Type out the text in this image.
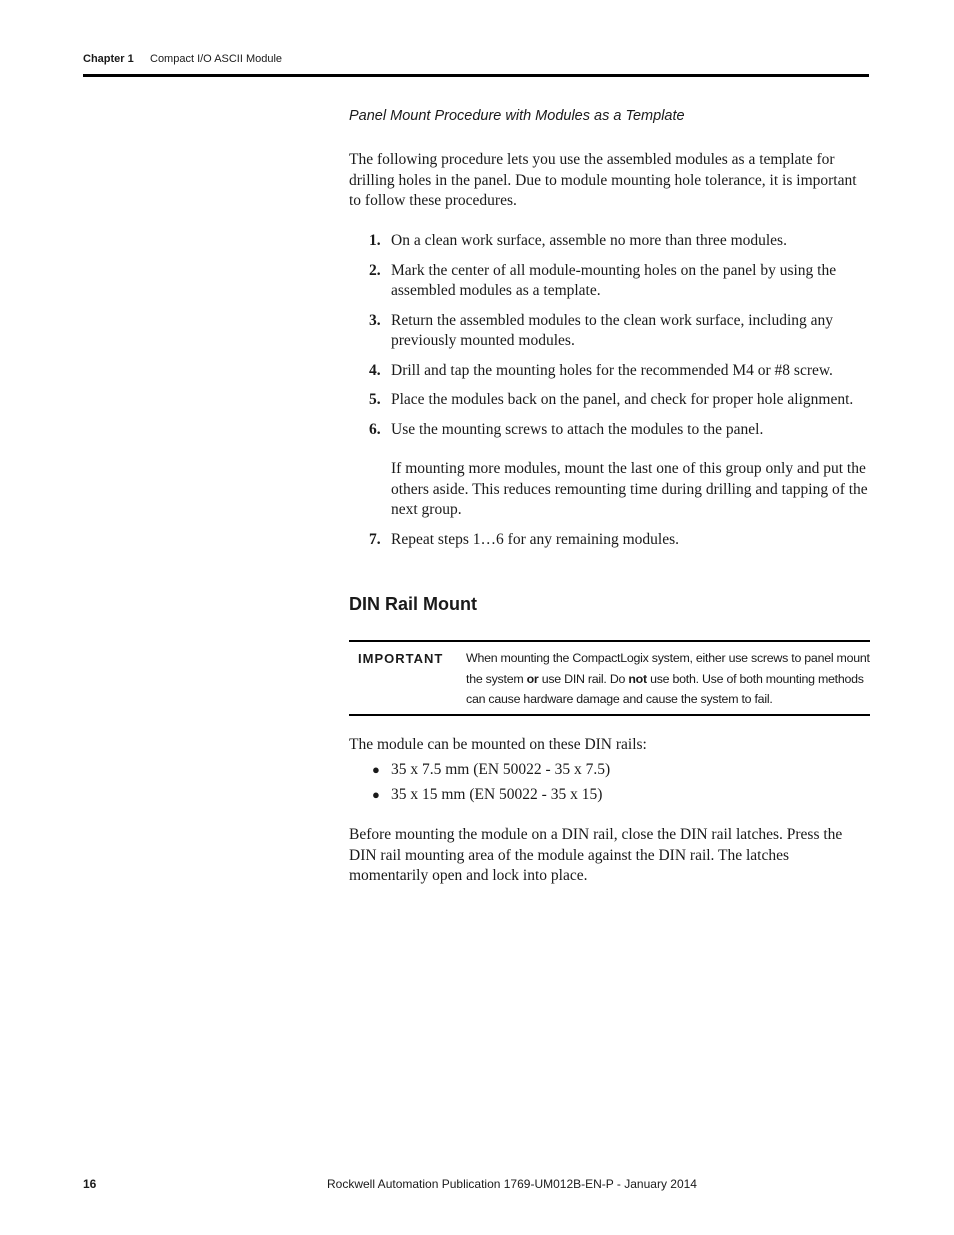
Chapter 1 Compact I/O ASCII Module
Panel Mount Procedure with Modules as a Template
The following procedure lets you use the assembled modules as a template for drilling holes in the panel. Due to module mounting hole tolerance, it is important to follow these procedures.
1. On a clean work surface, assemble no more than three modules.
2. Mark the center of all module-mounting holes on the panel by using the assembled modules as a template.
3. Return the assembled modules to the clean work surface, including any previously mounted modules.
4. Drill and tap the mounting holes for the recommended M4 or #8 screw.
5. Place the modules back on the panel, and check for proper hole alignment.
6. Use the mounting screws to attach the modules to the panel.
If mounting more modules, mount the last one of this group only and put the others aside. This reduces remounting time during drilling and tapping of the next group.
7. Repeat steps 1…6 for any remaining modules.
DIN Rail Mount
IMPORTANT When mounting the CompactLogix system, either use screws to panel mount the system or use DIN rail. Do not use both. Use of both mounting methods can cause hardware damage and cause the system to fail.
The module can be mounted on these DIN rails:
● 35 x 7.5 mm (EN 50022 - 35 x 7.5)
● 35 x 15 mm (EN 50022 - 35 x 15)
Before mounting the module on a DIN rail, close the DIN rail latches. Press the DIN rail mounting area of the module against the DIN rail. The latches momentarily open and lock into place.
16	Rockwell Automation Publication 1769-UM012B-EN-P - January 2014
